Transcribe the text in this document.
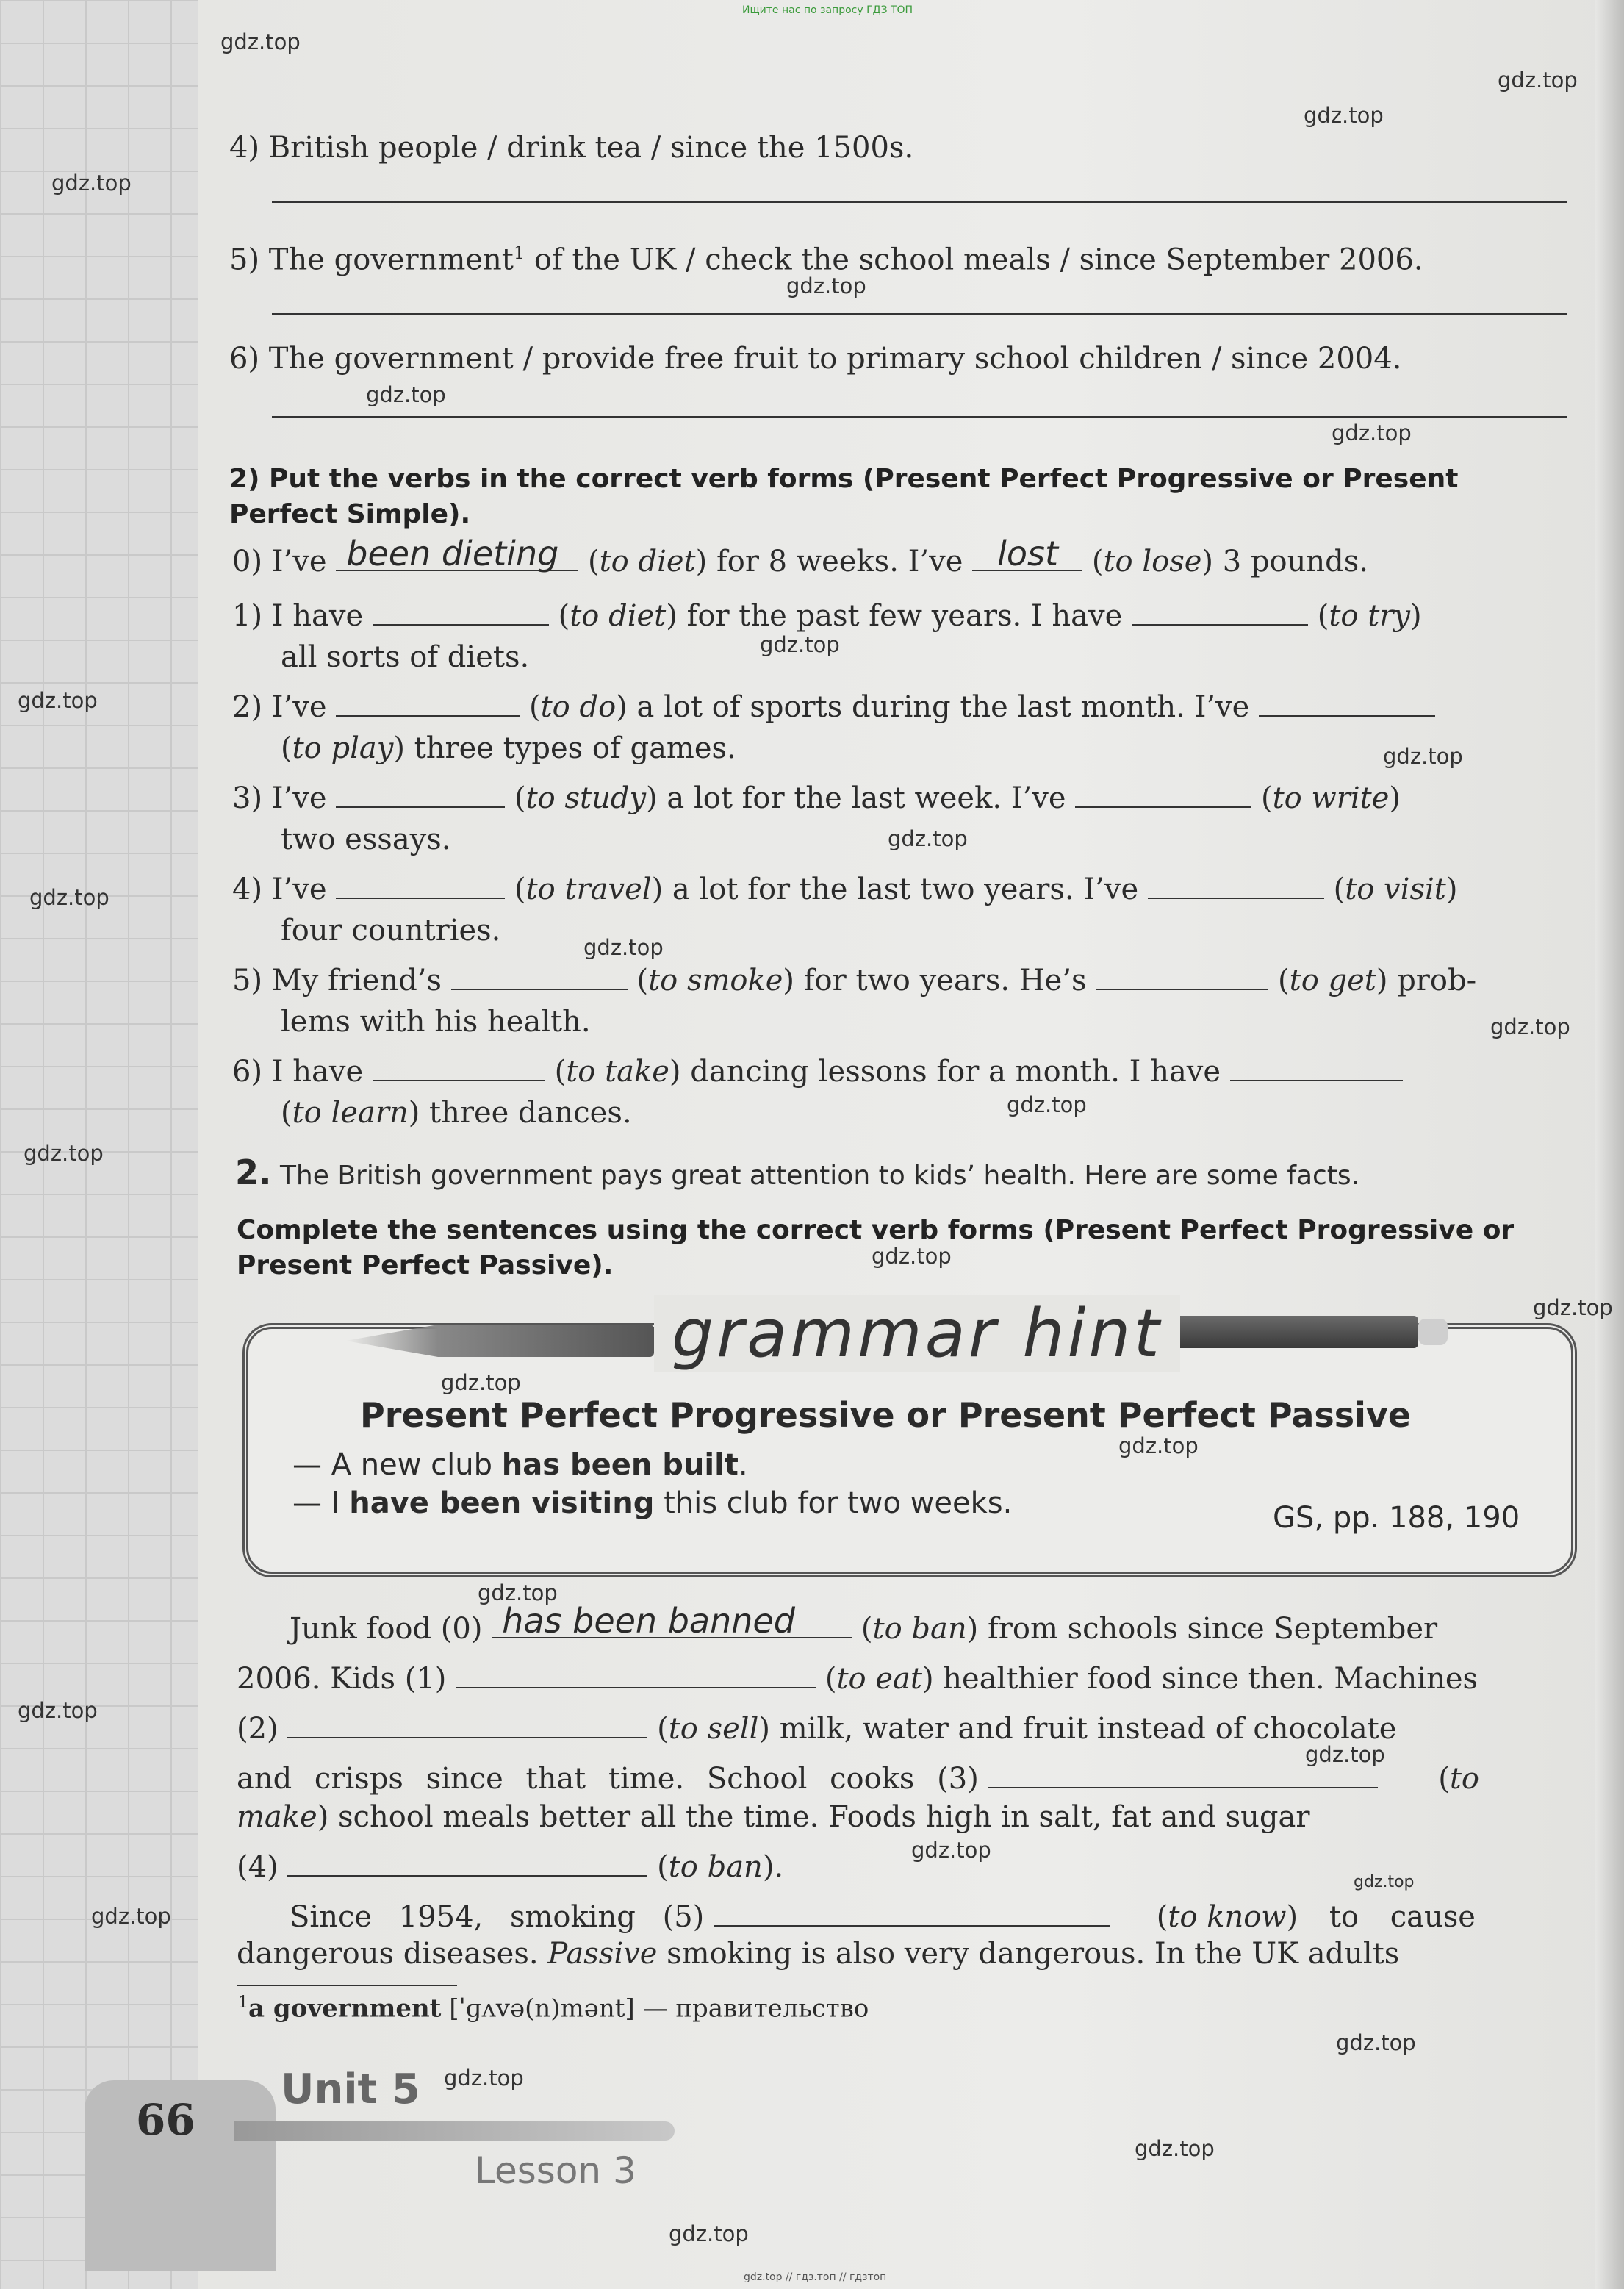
Ищите нас по запросу ГДЗ ТОП
4) British people / drink tea / since the 1500s.
5) The government$^1$ of the UK / check the school meals / since September 2006.
6) The government / provide free fruit to primary school children / since 2004.
2) Put the verbs in the correct verb forms (Present Perfect Progressive or Present Perfect Simple).
0) I’ve been dieting (to diet) for 8 weeks. I’ve lost (to lose) 3 pounds.
1) I have	(to diet) for the past few years. I have	(to try)
all sorts of diets.
2) I’ve	(to do) a lot of sports during the last month. I’ve
(to play) three types of games.
3) I’ve	(to study) a lot for the last week. I’ve	(to write)
two essays.
4) I’ve	(to travel) a lot for the last two years. I’ve	(to visit)
four countries.
5) My friend’s	(to smoke) for two years. He’s	(to get) prob-
lems with his health.
6) I have	(to take) dancing lessons for a month. I have
(to learn) three dances.
2. The British government pays great attention to kids’ health. Here are some facts.
Complete the sentences using the correct verb forms (Present Perfect Progressive or Present Perfect Passive).
grammar hint
Present Perfect Progressive or Present Perfect Passive
— A new club has been built.
— I have been visiting this club for two weeks.	GS, pp. 188, 190
Junk food (0) has been banned (to ban) from schools since September
2006. Kids (1)	(to eat) healthier food since then. Machines
(2)	(to sell) milk, water and fruit instead of chocolate
and crisps since that time. School cooks (3)	(to
make) school meals better all the time. Foods high in salt, fat and sugar
(4)	(to ban).
Since 1954, smoking (5)	(to know) to cause
dangerous diseases. Passive smoking is also very dangerous. In the UK adults
$^1$a government [ˈɡʌvə(n)mənt] — правительство
66
Unit 5
Lesson 3
gdz.top
gdz.top
gdz.top
gdz.top
gdz.top
gdz.top
gdz.top
gdz.top
gdz.top
gdz.top
gdz.top
gdz.top
gdz.top
gdz.top
gdz.top
gdz.top
gdz.top
gdz.top
gdz.top
gdz.top
gdz.top
gdz.top
gdz.top
gdz.top
gdz.top
gdz.top
gdz.top
gdz.top
gdz.top
gdz.top
gdz.top // гдз.топ // гдзтоп
